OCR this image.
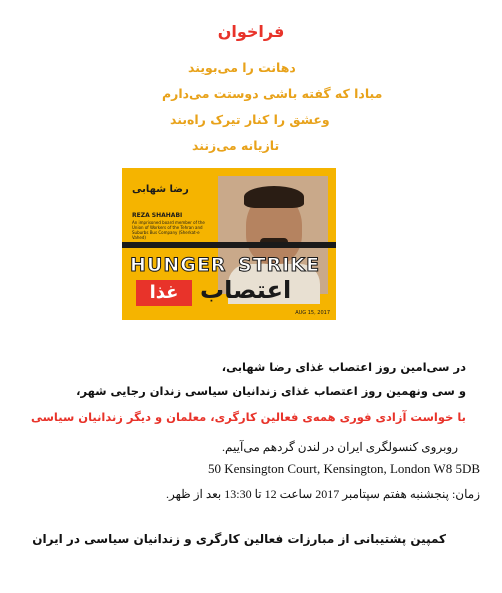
فراخوان
دهانت را می‌بویند
مبادا که گفته باشی دوستت می‌دارم
وعشق را کنار تیرک راه‌بند
تازیانه می‌زنند
رضا شهابی
REZA SHAHABI
An imprisoned board member of the Union of Workers of the Tehran and Suburbs Bus Company (Sherkat-e Vahed)
HUNGER STRIKE
غذا اعتصاب
AUG 15, 2017
در سی‌امین روز اعتصاب غذای رضا شهابی،
و سی ونهمین روز اعتصاب غذای زندانیان سیاسی زندان رجایی شهر،
با خواست آزادی فوری همه‌ی فعالین کارگری، معلمان و دیگر زندانیان سیاسی
روبروی کنسولگری ایران در لندن گردهم می‌آییم.
50 Kensington Court, Kensington, London W8 5DB
زمان: پنجشنبه هفتم سپتامبر 2017 ساعت 12 تا 13:30 بعد از ظهر.
کمپین پشتیبانی از مبارزات فعالین کارگری و زندانیان سیاسی در ایران
